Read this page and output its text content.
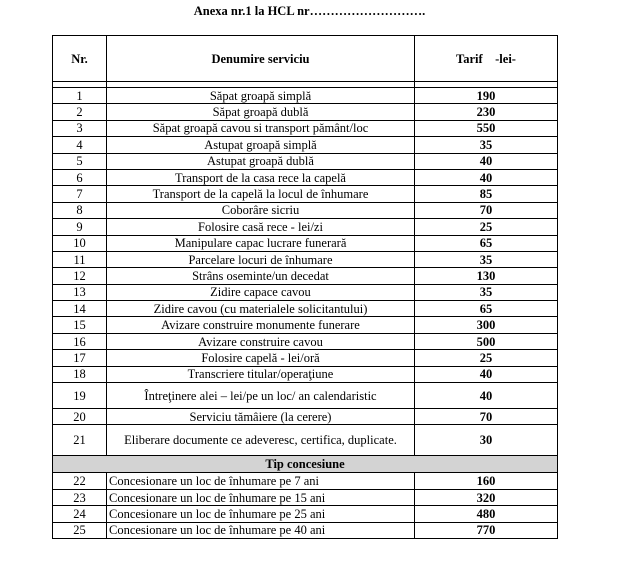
Anexa nr.1 la HCL nr……………………….
Nr.	Denumire serviciu	Tarif    -lei-

1	Săpat groapă simplă	190
2	Săpat groapă dublă	230
3	Săpat groapă cavou si transport pământ/loc	550
4	Astupat groapă simplă	35
5	Astupat groapă dublă	40
6	Transport de la casa rece la capelă	40
7	Transport de la capelă la locul de înhumare	85
8	Coborâre sicriu	70
9	Folosire casă rece - lei/zi	25
10	Manipulare capac lucrare funerară	65
11	Parcelare locuri de înhumare	35
12	Strâns osemintе/un decedat	130
13	Zidire capace cavou	35
14	Zidire cavou (cu materialele solicitantului)	65
15	Avizare construire monumente funerare	300
16	Avizare construire cavou	500
17	Folosire capelă - lei/oră	25
18	Transcriere titular/operaţiune	40
19	Întreţinere alei – lei/pe un loc/ an calendaristic	40
20	Serviciu tămâiere (la cerere)	70
21	Eliberare documente ce adeveresc, certifica, duplicate.	30
Tip concesiune		
22	Concesionare un loc de înhumare pe 7 ani	160
23	Concesionare un loc de înhumare pe 15 ani	320
24	Concesionare un loc de înhumare pe 25 ani	480
25	Concesionare un loc de înhumare pe 40 ani	770
